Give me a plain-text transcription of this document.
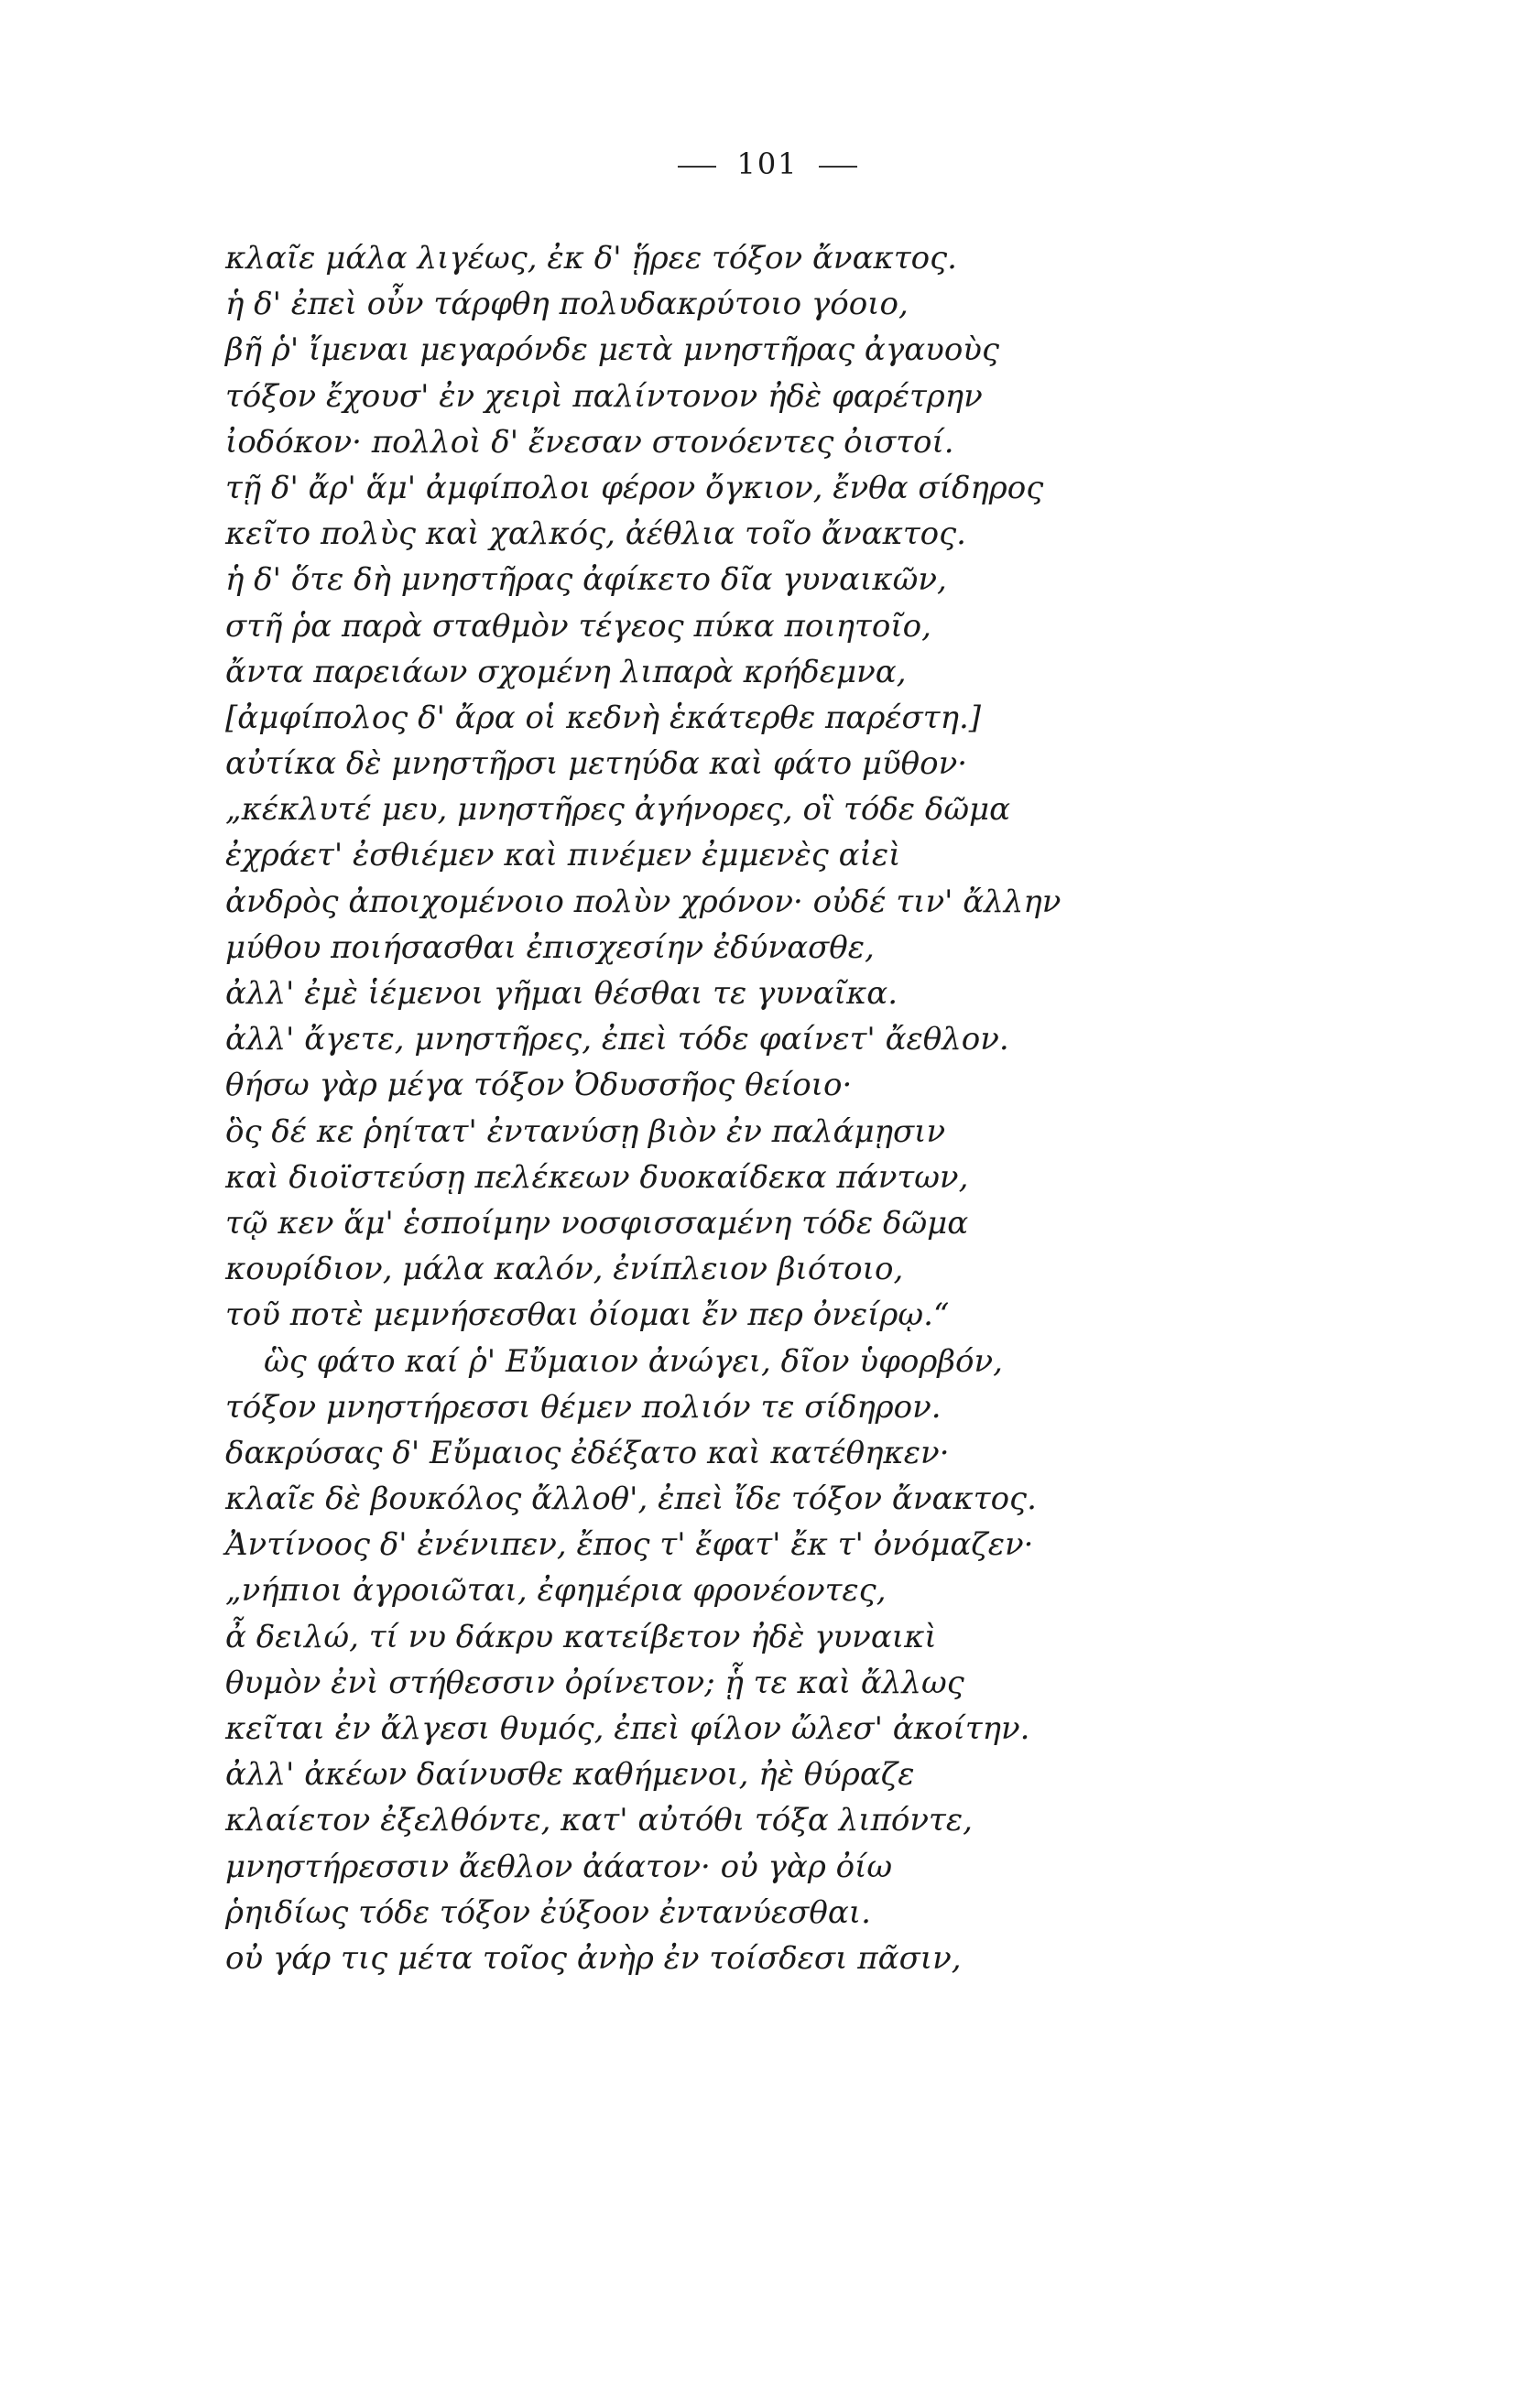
101
κλαῖε μάλα λιγέως, ἐκ δ' ᾕρεε τόξον ἄνακτος.
ἡ δ' ἐπεὶ οὖν τάρφθη πολυδακρύτοιο γόοιο,
βῆ ῥ' ἴμεναι μεγαρόνδε μετὰ μνηστῆρας ἀγαυοὺς
τόξον ἔχουσ' ἐν χειρὶ παλίντονον ἠδὲ φαρέτρην
ἰοδόκον· πολλοὶ δ' ἔνεσαν στονόεντες ὀιστοί.
τῇ δ' ἄρ' ἅμ' ἀμφίπολοι φέρον ὄγκιον, ἔνθα σίδηρος
κεῖτο πολὺς καὶ χαλκός, ἀέθλια τοῖο ἄνακτος.
ἡ δ' ὅτε δὴ μνηστῆρας ἀφίκετο δῖα γυναικῶν,
στῆ ῥα παρὰ σταθμὸν τέγεος πύκα ποιητοῖο,
ἄντα παρειάων σχομένη λιπαρὰ κρήδεμνα,
[ἀμφίπολος δ' ἄρα οἱ κεδνὴ ἑκάτερθε παρέστη.]
αὐτίκα δὲ μνηστῆρσι μετηύδα καὶ φάτο μῦθον·
„κέκλυτέ μευ, μνηστῆρες ἀγήνορες, οἳ τόδε δῶμα
ἐχράετ' ἐσθιέμεν καὶ πινέμεν ἐμμενὲς αἰεὶ
ἀνδρὸς ἀποιχομένοιο πολὺν χρόνον· οὐδέ τιν' ἄλλην
μύθου ποιήσασθαι ἐπισχεσίην ἐδύνασθε,
ἀλλ' ἐμὲ ἱέμενοι γῆμαι θέσθαι τε γυναῖκα.
ἀλλ' ἄγετε, μνηστῆρες, ἐπεὶ τόδε φαίνετ' ἄεθλον.
θήσω γὰρ μέγα τόξον Ὀδυσσῆος θείοιο·
ὃς δέ κε ῥηίτατ' ἐντανύσῃ βιὸν ἐν παλάμῃσιν
καὶ διοϊστεύσῃ πελέκεων δυοκαίδεκα πάντων,
τῷ κεν ἅμ' ἑσποίμην νοσφισσαμένη τόδε δῶμα
κουρίδιον, μάλα καλόν, ἐνίπλειον βιότοιο,
τοῦ ποτὲ μεμνήσεσθαι ὀίομαι ἔν περ ὀνείρῳ.“
ὣς φάτο καί ῥ' Εὔμαιον ἀνώγει, δῖον ὑφορβόν,
τόξον μνηστήρεσσι θέμεν πολιόν τε σίδηρον.
δακρύσας δ' Εὔμαιος ἐδέξατο καὶ κατέθηκεν·
κλαῖε δὲ βουκόλος ἄλλοθ', ἐπεὶ ἴδε τόξον ἄνακτος.
Ἀντίνοος δ' ἐνένιπεν, ἔπος τ' ἔφατ' ἔκ τ' ὀνόμαζεν·
„νήπιοι ἀγροιῶται, ἐφημέρια φρονέοντες,
ἆ δειλώ, τί νυ δάκρυ κατείβετον ἠδὲ γυναικὶ
θυμὸν ἐνὶ στήθεσσιν ὀρίνετον; ᾗ τε καὶ ἄλλως
κεῖται ἐν ἄλγεσι θυμός, ἐπεὶ φίλον ὤλεσ' ἀκοίτην.
ἀλλ' ἀκέων δαίνυσθε καθήμενοι, ἠὲ θύραζε
κλαίετον ἐξελθόντε, κατ' αὐτόθι τόξα λιπόντε,
μνηστήρεσσιν ἄεθλον ἀάατον· οὐ γὰρ ὀίω
ῥηιδίως τόδε τόξον ἐύξοον ἐντανύεσθαι.
οὐ γάρ τις μέτα τοῖος ἀνὴρ ἐν τοίσδεσι πᾶσιν,
